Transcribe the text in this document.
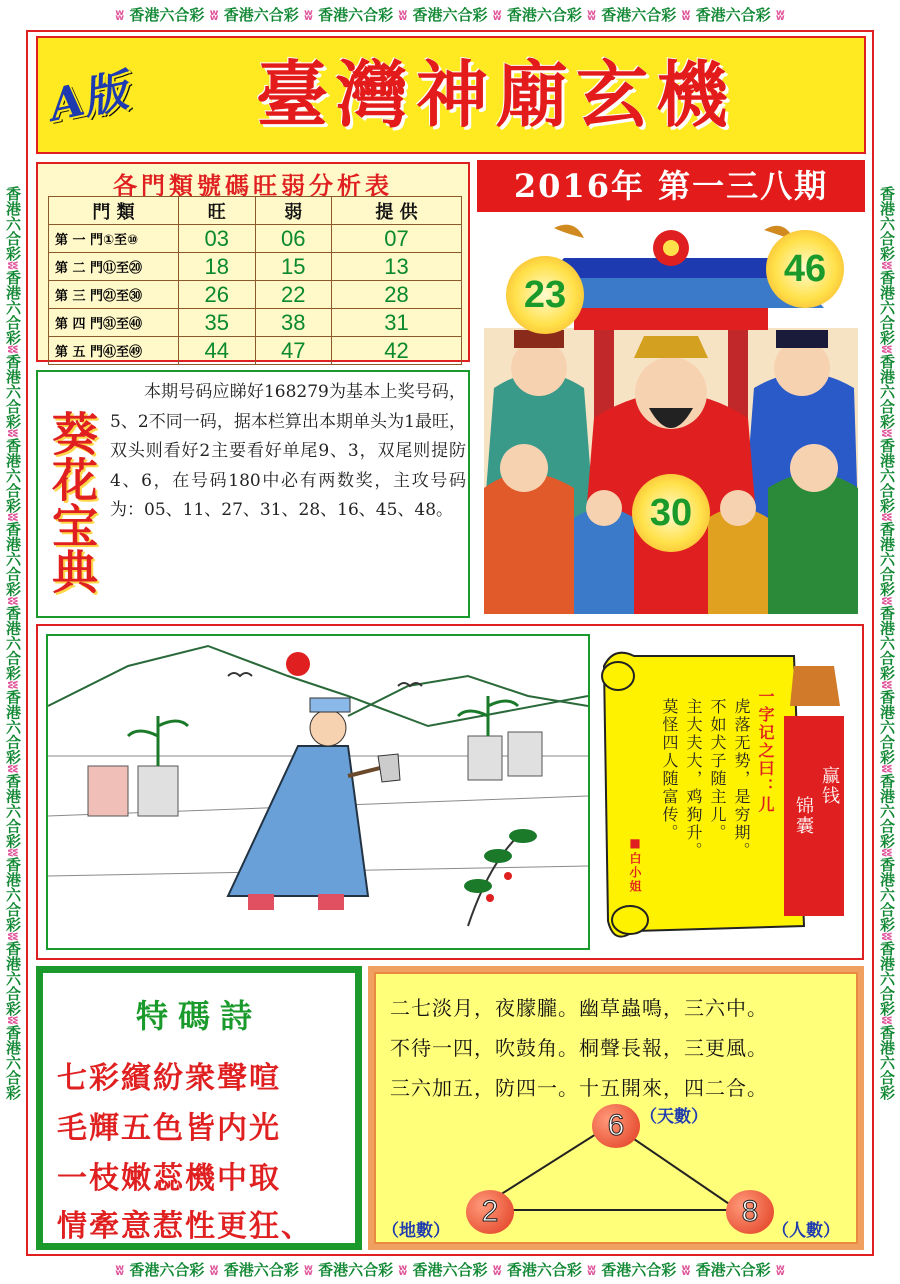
ʬ 香港六合彩 ʬ 香港六合彩 ʬ 香港六合彩 ʬ 香港六合彩 ʬ 香港六合彩 ʬ 香港六合彩 ʬ 香港六合彩 ʬ
ʬ 香港六合彩 ʬ 香港六合彩 ʬ 香港六合彩 ʬ 香港六合彩 ʬ 香港六合彩 ʬ 香港六合彩 ʬ 香港六合彩 ʬ
香港六合彩ʬ香港六合彩ʬ香港六合彩ʬ香港六合彩ʬ香港六合彩ʬ香港六合彩ʬ香港六合彩ʬ香港六合彩ʬ香港六合彩ʬ香港六合彩ʬ香港六合彩
香港六合彩ʬ香港六合彩ʬ香港六合彩ʬ香港六合彩ʬ香港六合彩ʬ香港六合彩ʬ香港六合彩ʬ香港六合彩ʬ香港六合彩ʬ香港六合彩ʬ香港六合彩
A版	臺灣神廟玄機
各門類號碼旺弱分析表
門 類	旺	弱	提 供
第 一 門①至⑩	03	06	07
第 二 門⑪至⑳	18	15	13
第 三 門㉑至㉚	26	22	28
第 四 門㉛至㊵	35	38	31
第 五 門㊶至㊾	44	47	42
2016年 第一三八期
23
46
30
葵花宝典
本期号码应睇好168279为基本上奖号码，5、2不同一码，据本栏算出本期单头为1最旺，双头则看好2主要看好单尾9、3，双尾则提防4、6，在号码180中必有两数奖，主攻号码为：05、11、27、31、28、16、45、48。
一字记之曰：儿
虎落无势，是穷期。
不如犬子随主儿。
主大夫大，鸡狗升。
莫怪四人随富传。
■白小姐
锦囊
赢钱
特碼詩
七彩繽紛衆聲喧
毛輝五色皆内光
一枝嫩蕊機中取
情牽意惹性更狂、
二七淡月，夜朦朧。幽草蟲鳴，三六中。
不待一四，吹鼓角。桐聲長報，三更風。
三六加五，防四一。十五開來，四二合。
6 （天數）
2
（地數）
8
（人數）
